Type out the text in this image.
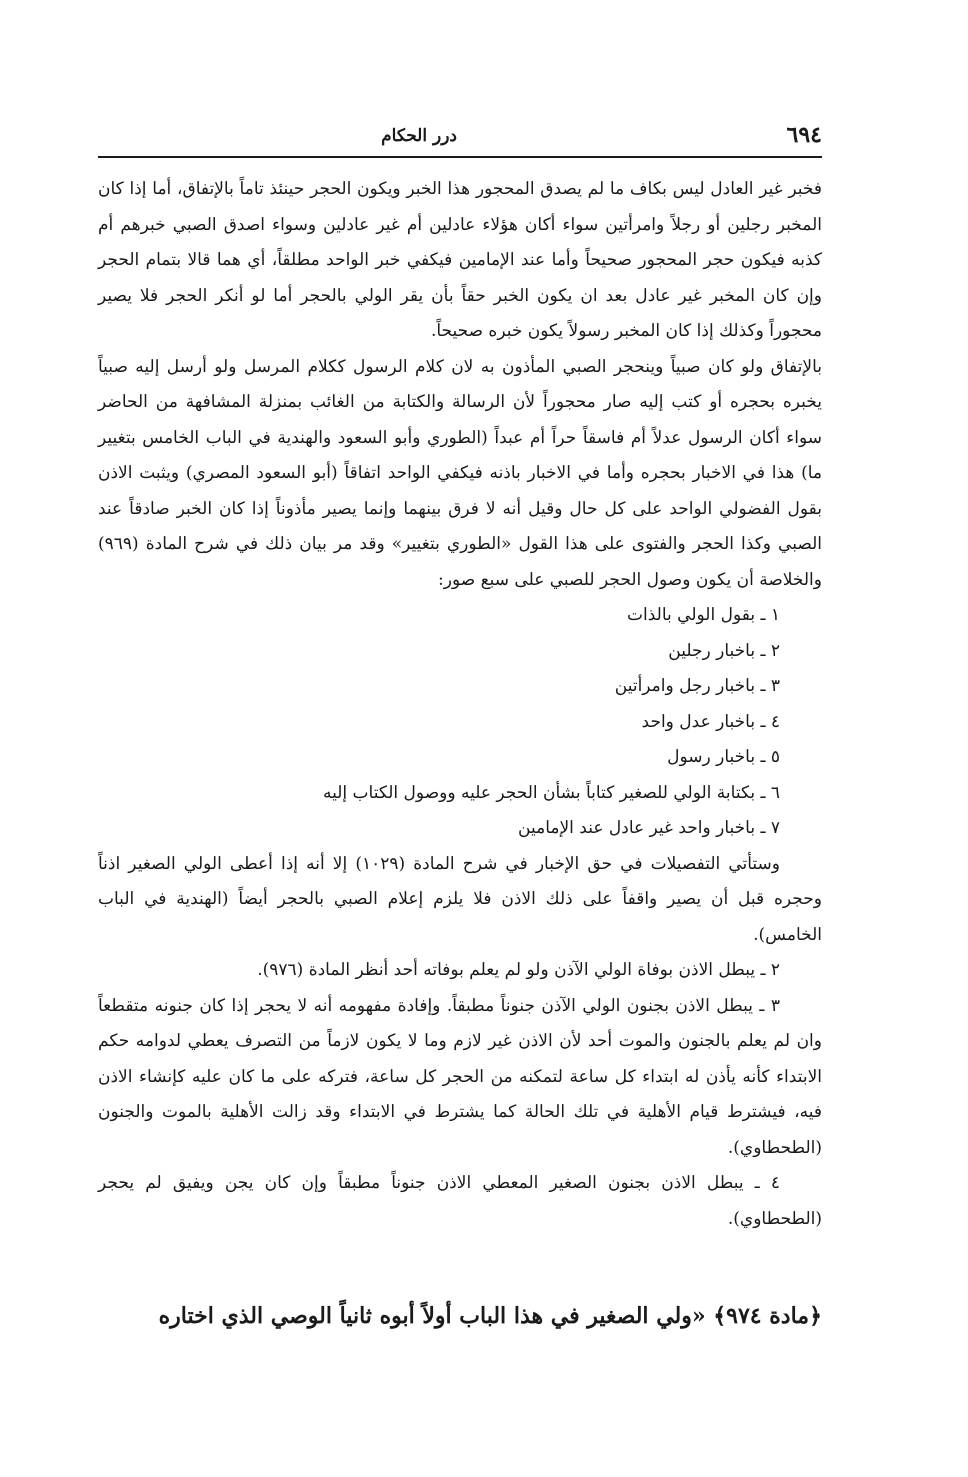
٦٩٤
درر الحكام

فخبر غير العادل ليس بكاف ما لم يصدق المحجور هذا الخبر ويكون الحجر حينئذ تاماً بالإتفاق، أما إذا كان المخبر رجلين أو رجلاً وامرأتين سواء أكان هؤلاء عادلين أم غير عادلين وسواء اصدق الصبي خبرهم أم كذبه فيكون حجر المحجور صحيحاً وأما عند الإمامين فيكفي خبر الواحد مطلقاً، أي هما قالا بتمام الحجر وإن كان المخبر غير عادل بعد ان يكون الخبر حقاً بأن يقر الولي بالحجر أما لو أنكر الحجر فلا يصير محجوراً وكذلك إذا كان المخبر رسولاً يكون خبره صحيحاً.

بالإتفاق ولو كان صبياً وينحجر الصبي المأذون به لان كلام الرسول ككلام المرسل ولو أرسل إليه صبياً يخبره بحجره أو كتب إليه صار محجوراً لأن الرسالة والكتابة من الغائب بمنزلة المشافهة من الحاضر سواء أكان الرسول عدلاً أم فاسقاً حراً أم عبداً (الطوري وأبو السعود والهندية في الباب الخامس بتغيير ما) هذا في الاخبار بحجره وأما في الاخبار باذنه فيكفي الواحد اتفاقاً (أبو السعود المصري) ويثبت الاذن بقول الفضولي الواحد على كل حال وقيل أنه لا فرق بينهما وإنما يصير مأذوناً إذا كان الخبر صادقاً عند الصبي وكذا الحجر والفتوى على هذا القول «الطوري بتغيير» وقد مر بيان ذلك في شرح المادة (٩٦٩) والخلاصة أن يكون وصول الحجر للصبي على سبع صور:

١ ـ بقول الولي بالذات
٢ ـ باخبار رجلين
٣ ـ باخبار رجل وامرأتين
٤ ـ باخبار عدل واحد
٥ ـ باخبار رسول
٦ ـ بكتابة الولي للصغير كتاباً بشأن الحجر عليه ووصول الكتاب إليه
٧ ـ باخبار واحد غير عادل عند الإمامين

وستأتي التفصيلات في حق الإخبار في شرح المادة (١٠٢٩) إلا أنه إذا أعطى الولي الصغير اذناً وحجره قبل أن يصير واقفاً على ذلك الاذن فلا يلزم إعلام الصبي بالحجر أيضاً (الهندية في الباب الخامس).

٢ ـ يبطل الاذن بوفاة الولي الآذن ولو لم يعلم بوفاته أحد أنظر المادة (٩٧٦).

٣ ـ يبطل الاذن بجنون الولي الآذن جنوناً مطبقاً. وإفادة مفهومه أنه لا يحجر إذا كان جنونه متقطعاً وان لم يعلم بالجنون والموت أحد لأن الاذن غير لازم وما لا يكون لازماً من التصرف يعطي لدوامه حكم الابتداء كأنه يأذن له ابتداء كل ساعة لتمكنه من الحجر كل ساعة، فتركه على ما كان عليه كإنشاء الاذن فيه، فيشترط قيام الأهلية في تلك الحالة كما يشترط في الابتداء وقد زالت الأهلية بالموت والجنون (الطحطاوي).

٤ ـ يبطل الاذن بجنون الصغير المعطي الاذن جنوناً مطبقاً وإن كان يجن ويفيق لم يحجر (الطحطاوي).

﴿مادة ٩٧٤﴾ «ولي الصغير في هذا الباب أولاً أبوه ثانياً الوصي الذي اختاره
